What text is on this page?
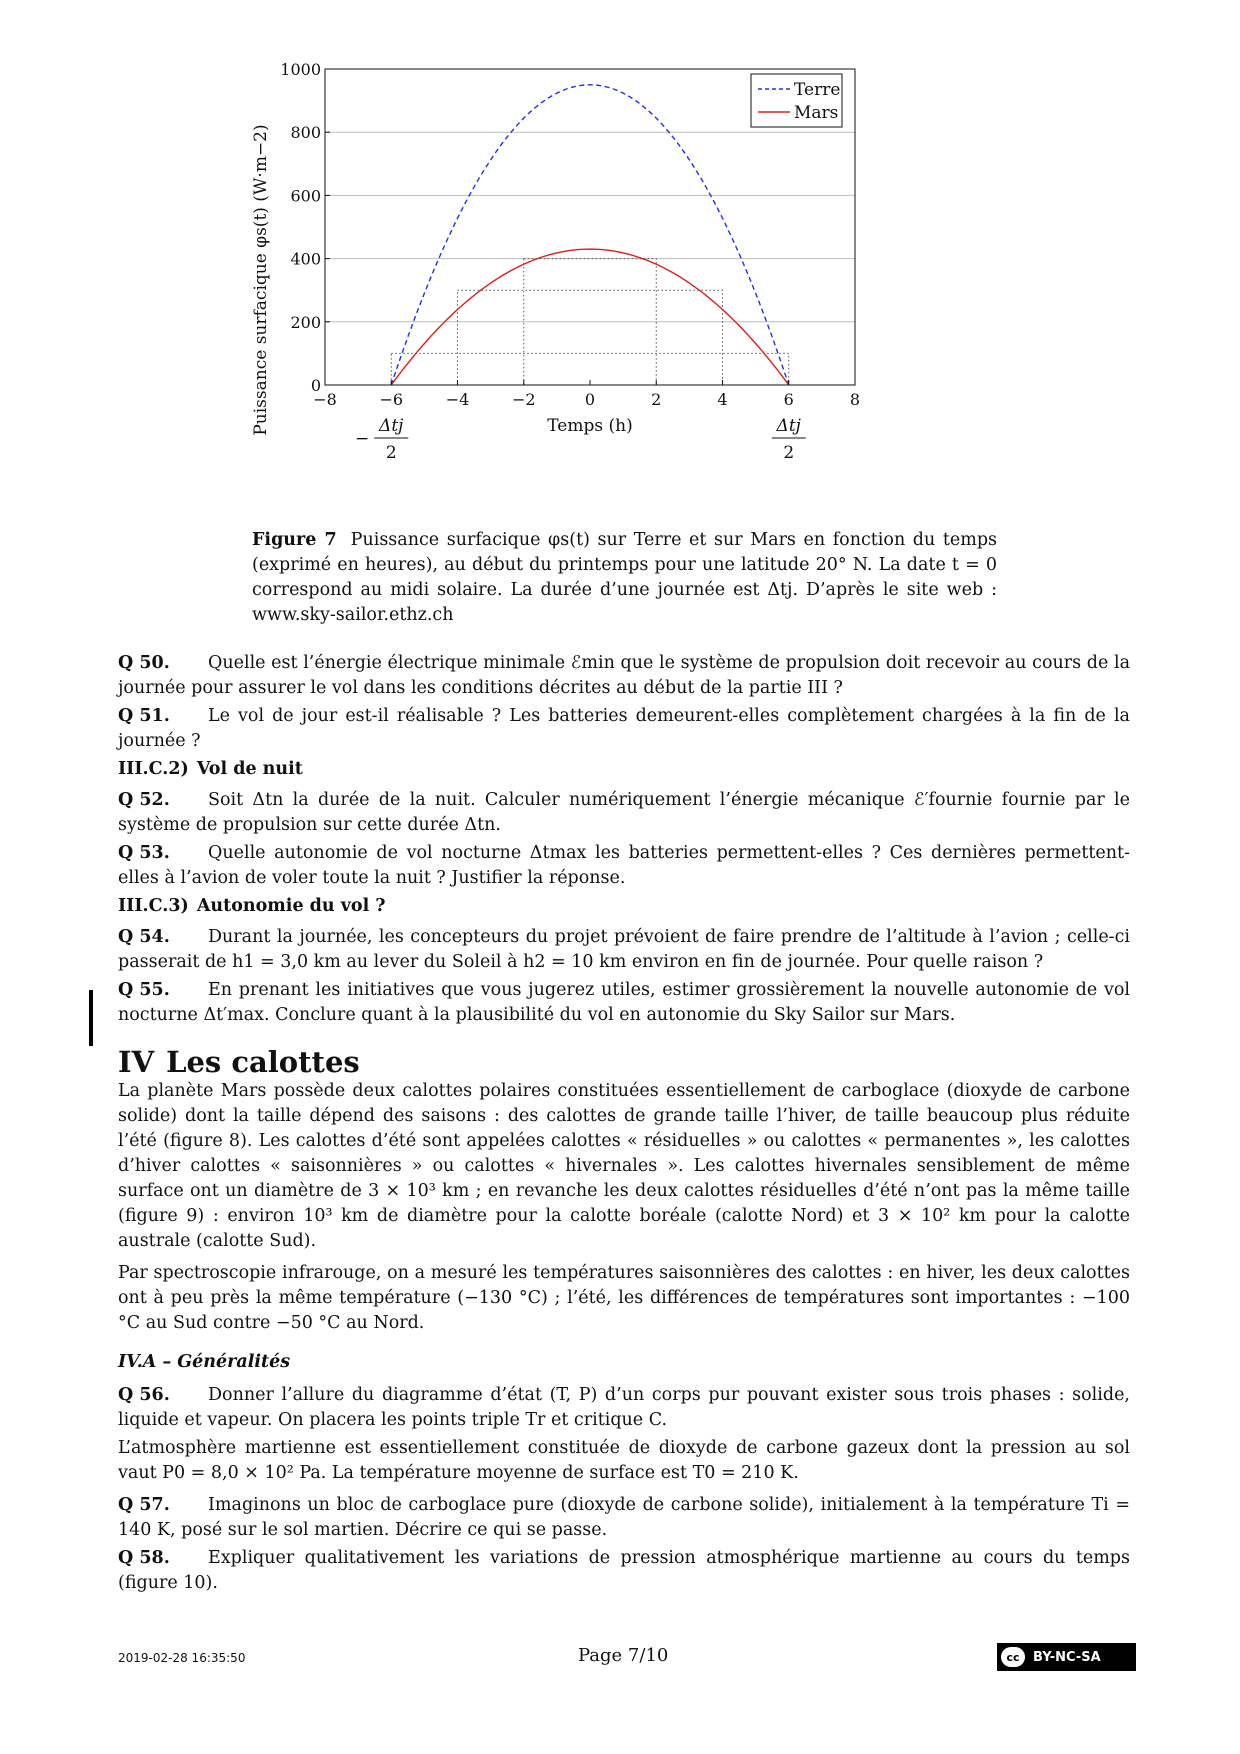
0
200
400
600
800
1000
−8	−4	−2	0	2	4	6	8
−6
Puissance surfacique φs(t) (W·m−2)	Temps (h)
Terre
Mars
Δtj
2
−
Δtj
2
Figure 7 Puissance surfacique φs(t) sur Terre et sur Mars en fonction du temps (exprimé en heures), au début du printemps pour une latitude 20° N. La date t = 0 correspond au midi solaire. La durée d’une journée est Δtj. D’après le site web : www.sky-sailor.ethz.ch
Q 50. Quelle est l’énergie électrique minimale ℰmin que le système de propulsion doit recevoir au cours de la journée pour assurer le vol dans les conditions décrites au début de la partie III ?
Q 51. Le vol de jour est-il réalisable ? Les batteries demeurent-elles complètement chargées à la fin de la journée ?
III.C.2) Vol de nuit
Q 52. Soit Δtn la durée de la nuit. Calculer numériquement l’énergie mécanique ℰ′fournie fournie par le système de propulsion sur cette durée Δtn.
Q 53. Quelle autonomie de vol nocturne Δtmax les batteries permettent-elles ? Ces dernières permettent-elles à l’avion de voler toute la nuit ? Justifier la réponse.
III.C.3) Autonomie du vol ?
Q 54. Durant la journée, les concepteurs du projet prévoient de faire prendre de l’altitude à l’avion ; celle-ci passerait de h1 = 3,0 km au lever du Soleil à h2 = 10 km environ en fin de journée. Pour quelle raison ?
Q 55. En prenant les initiatives que vous jugerez utiles, estimer grossièrement la nouvelle autonomie de vol nocturne Δt′max. Conclure quant à la plausibilité du vol en autonomie du Sky Sailor sur Mars.
IV Les calottes
La planète Mars possède deux calottes polaires constituées essentiellement de carboglace (dioxyde de carbone solide) dont la taille dépend des saisons : des calottes de grande taille l’hiver, de taille beaucoup plus réduite l’été (figure 8). Les calottes d’été sont appelées calottes « résiduelles » ou calottes « permanentes », les calottes d’hiver calottes « saisonnières » ou calottes « hivernales ». Les calottes hivernales sensiblement de même surface ont un diamètre de 3 × 10³ km ; en revanche les deux calottes résiduelles d’été n’ont pas la même taille (figure 9) : environ 10³ km de diamètre pour la calotte boréale (calotte Nord) et 3 × 10² km pour la calotte australe (calotte Sud).
Par spectroscopie infrarouge, on a mesuré les températures saisonnières des calottes : en hiver, les deux calottes ont à peu près la même température (−130 °C) ; l’été, les différences de températures sont importantes : −100 °C au Sud contre −50 °C au Nord.
IV.A – Généralités
Q 56. Donner l’allure du diagramme d’état (T, P) d’un corps pur pouvant exister sous trois phases : solide, liquide et vapeur. On placera les points triple Tr et critique C.
L’atmosphère martienne est essentiellement constituée de dioxyde de carbone gazeux dont la pression au sol vaut P0 = 8,0 × 10² Pa. La température moyenne de surface est T0 = 210 K.
Q 57. Imaginons un bloc de carboglace pure (dioxyde de carbone solide), initialement à la température Ti = 140 K, posé sur le sol martien. Décrire ce qui se passe.
Q 58. Expliquer qualitativement les variations de pression atmosphérique martienne au cours du temps (figure 10).
2019-02-28 16:35:50	Page 7/10	cc	BY-NC-SA
